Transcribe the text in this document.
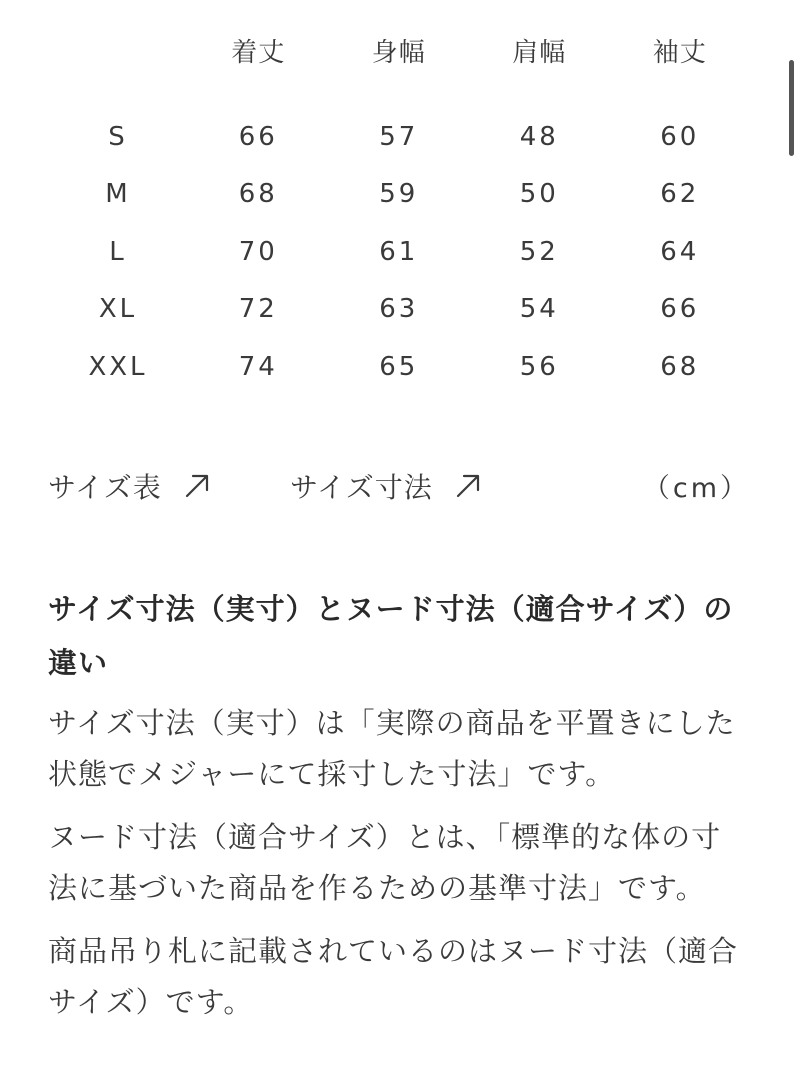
	着丈	身幅	肩幅	袖丈

S	66	57	48	60
M	68	59	50	62
L	70	61	52	64
XL	72	63	54	66
XXL	74	65	56	68
サイズ表	サイズ寸法	（cm）
サイズ寸法（実寸）とヌード寸法（適合サイズ）の違い

サイズ寸法（実寸）は「実際の商品を平置きにした状態でメジャーにて採寸した寸法」です。

ヌード寸法（適合サイズ）とは、「標準的な体の寸法に基づいた商品を作るための基準寸法」です。

商品吊り札に記載されているのはヌード寸法（適合サイズ）です。
